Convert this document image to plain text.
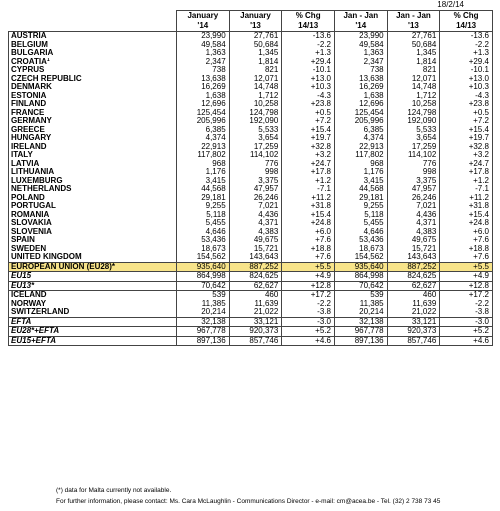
18/2/14
	January	January	% Chg	Jan - Jan	Jan - Jan	% Chg
	'14	'13	14/13	'14	'13	14/13
AUSTRIA	23,990	27,761	-13.6	23,990	27,761	-13.6
BELGIUM	49,584	50,684	-2.2	49,584	50,684	-2.2
BULGARIA	1,363	1,345	+1.3	1,363	1,345	+1.3
CROATIA$^1$	2,347	1,814	+29.4	2,347	1,814	+29.4
CYPRUS	738	821	-10.1	738	821	-10.1
CZECH REPUBLIC	13,638	12,071	+13.0	13,638	12,071	+13.0
DENMARK	16,269	14,748	+10.3	16,269	14,748	+10.3
ESTONIA	1,638	1,712	-4.3	1,638	1,712	-4.3
FINLAND	12,696	10,258	+23.8	12,696	10,258	+23.8
FRANCE	125,454	124,798	+0.5	125,454	124,798	+0.5
GERMANY	205,996	192,090	+7.2	205,996	192,090	+7.2
GREECE	6,385	5,533	+15.4	6,385	5,533	+15.4
HUNGARY	4,374	3,654	+19.7	4,374	3,654	+19.7
IRELAND	22,913	17,259	+32.8	22,913	17,259	+32.8
ITALY	117,802	114,102	+3.2	117,802	114,102	+3.2
LATVIA	968	776	+24.7	968	776	+24.7
LITHUANIA	1,176	998	+17.8	1,176	998	+17.8
LUXEMBURG	3,415	3,375	+1.2	3,415	3,375	+1.2
NETHERLANDS	44,568	47,957	-7.1	44,568	47,957	-7.1
POLAND	29,181	26,246	+11.2	29,181	26,246	+11.2
PORTUGAL	9,255	7,021	+31.8	9,255	7,021	+31.8
ROMANIA	5,118	4,436	+15.4	5,118	4,436	+15.4
SLOVAKIA	5,455	4,371	+24.8	5,455	4,371	+24.8
SLOVENIA	4,646	4,383	+6.0	4,646	4,383	+6.0
SPAIN	53,436	49,675	+7.6	53,436	49,675	+7.6
SWEDEN	18,673	15,721	+18.8	18,673	15,721	+18.8
UNITED KINGDOM	154,562	143,643	+7.6	154,562	143,643	+7.6
EUROPEAN UNION (EU28)*	935,640	887,252	+5.5	935,640	887,252	+5.5
EU15	864,998	824,625	+4.9	864,998	824,625	+4.9
EU13*	70,642	62,627	+12.8	70,642	62,627	+12.8
ICELAND	539	460	+17.2	539	460	+17.2
NORWAY	11,385	11,639	-2.2	11,385	11,639	-2.2
SWITZERLAND	20,214	21,022	-3.8	20,214	21,022	-3.8
EFTA	32,138	33,121	-3.0	32,138	33,121	-3.0
EU28*+EFTA	967,778	920,373	+5.2	967,778	920,373	+5.2
EU15+EFTA	897,136	857,746	+4.6	897,136	857,746	+4.6
(*) data for Malta currently not available.
For further information, please contact: Ms. Cara McLaughlin - Communications Director - e-mail: cm@acea.be - Tel. (32) 2 738 73 45
